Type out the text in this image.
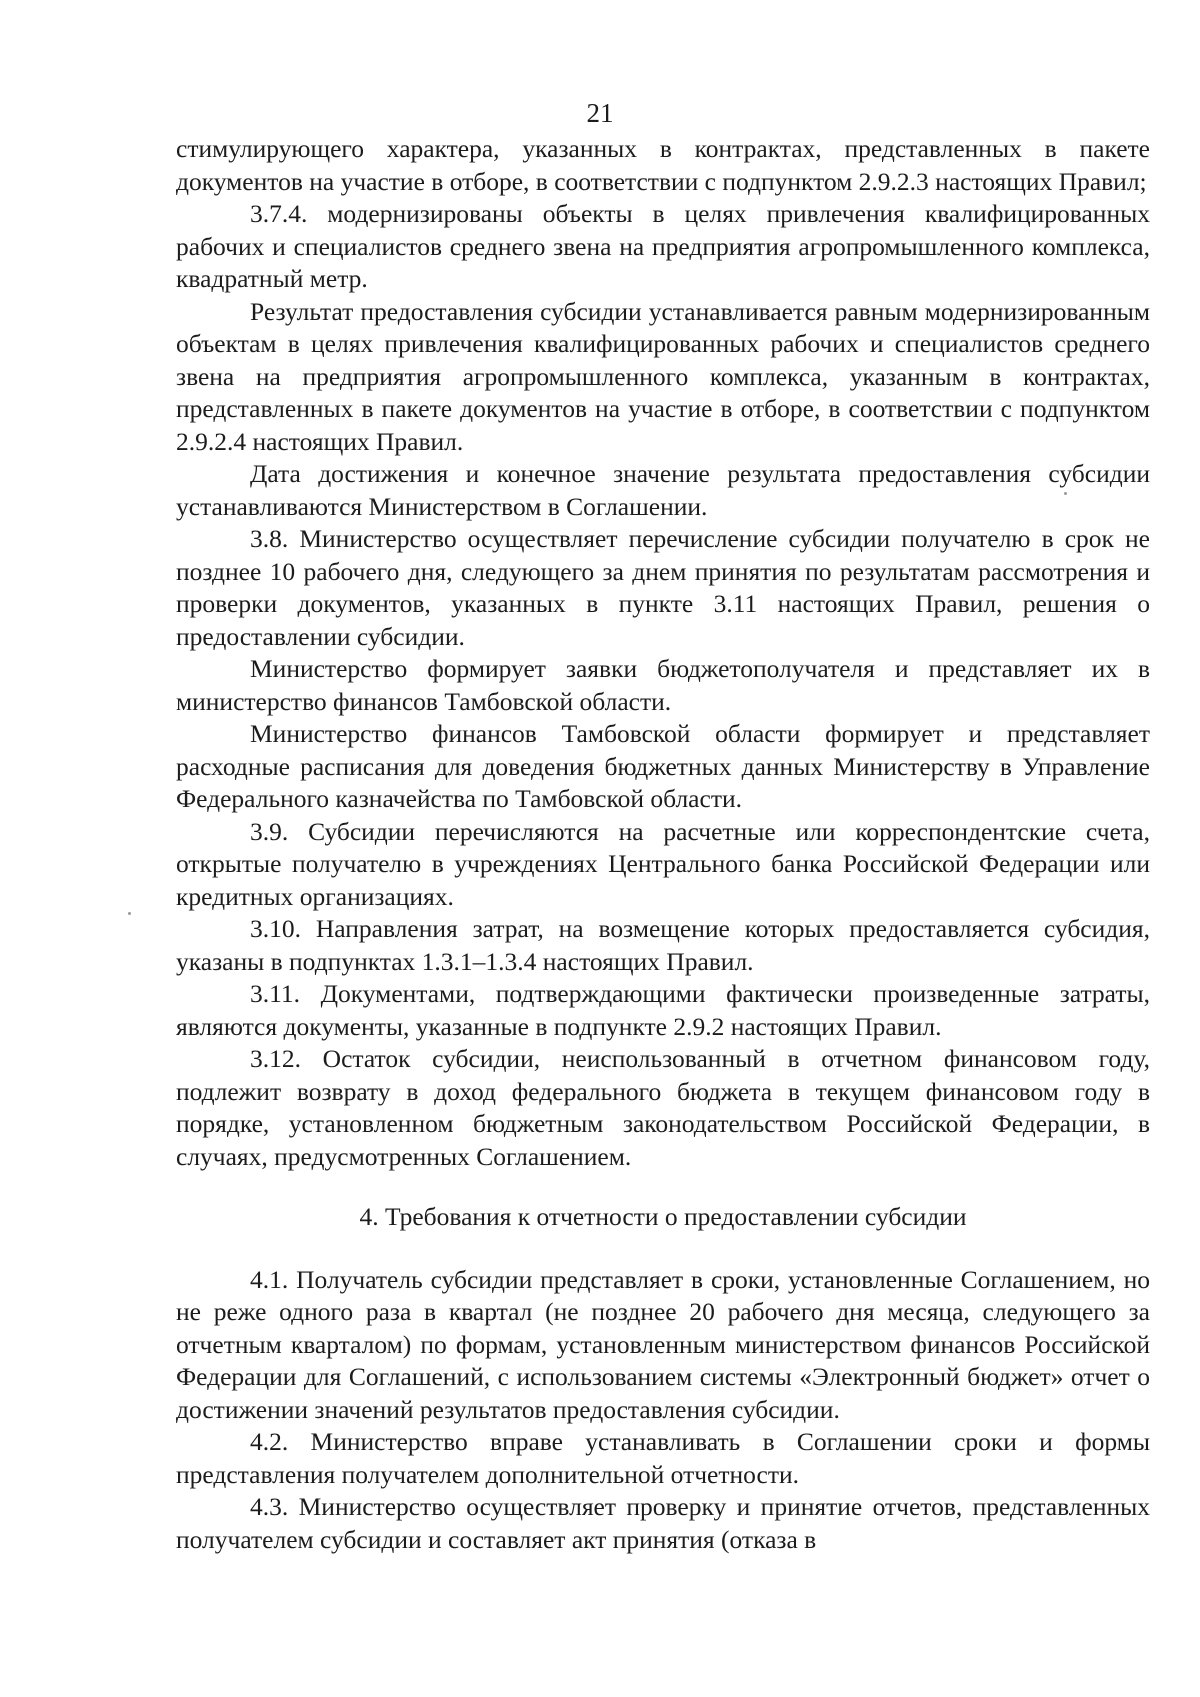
21

стимулирующего характера, указанных в контрактах, представленных в пакете документов на участие в отборе, в соответствии с подпунктом 2.9.2.3 настоящих Правил;

3.7.4. модернизированы объекты в целях привлечения квалифицированных рабочих и специалистов среднего звена на предприятия агропромышленного комплекса, квадратный метр.

Результат предоставления субсидии устанавливается равным модернизированным объектам в целях привлечения квалифицированных рабочих и специалистов среднего звена на предприятия агропромышленного комплекса, указанным в контрактах, представленных в пакете документов на участие в отборе, в соответствии с подпунктом 2.9.2.4 настоящих Правил.

Дата достижения и конечное значение результата предоставления субсидии устанавливаются Министерством в Соглашении.

3.8. Министерство осуществляет перечисление субсидии получателю в срок не позднее 10 рабочего дня, следующего за днем принятия по результатам рассмотрения и проверки документов, указанных в пункте 3.11 настоящих Правил, решения о предоставлении субсидии.

Министерство формирует заявки бюджетополучателя и представляет их в министерство финансов Тамбовской области.

Министерство финансов Тамбовской области формирует и представляет расходные расписания для доведения бюджетных данных Министерству в Управление Федерального казначейства по Тамбовской области.

3.9. Субсидии перечисляются на расчетные или корреспондентские счета, открытые получателю в учреждениях Центрального банка Российской Федерации или кредитных организациях.

3.10. Направления затрат, на возмещение которых предоставляется субсидия, указаны в подпунктах 1.3.1–1.3.4 настоящих Правил.

3.11. Документами, подтверждающими фактически произведенные затраты, являются документы, указанные в подпункте 2.9.2 настоящих Правил.

3.12. Остаток субсидии, неиспользованный в отчетном финансовом году, подлежит возврату в доход федерального бюджета в текущем финансовом году в порядке, установленном бюджетным законодательством Российской Федерации, в случаях, предусмотренных Соглашением.

4. Требования к отчетности о предоставлении субсидии

4.1. Получатель субсидии представляет в сроки, установленные Соглашением, но не реже одного раза в квартал (не позднее 20 рабочего дня месяца, следующего за отчетным кварталом) по формам, установленным министерством финансов Российской Федерации для Соглашений, с использованием системы «Электронный бюджет» отчет о достижении значений результатов предоставления субсидии.

4.2. Министерство вправе устанавливать в Соглашении сроки и формы представления получателем дополнительной отчетности.

4.3. Министерство осуществляет проверку и принятие отчетов, представленных получателем субсидии и составляет акт принятия (отказа в
